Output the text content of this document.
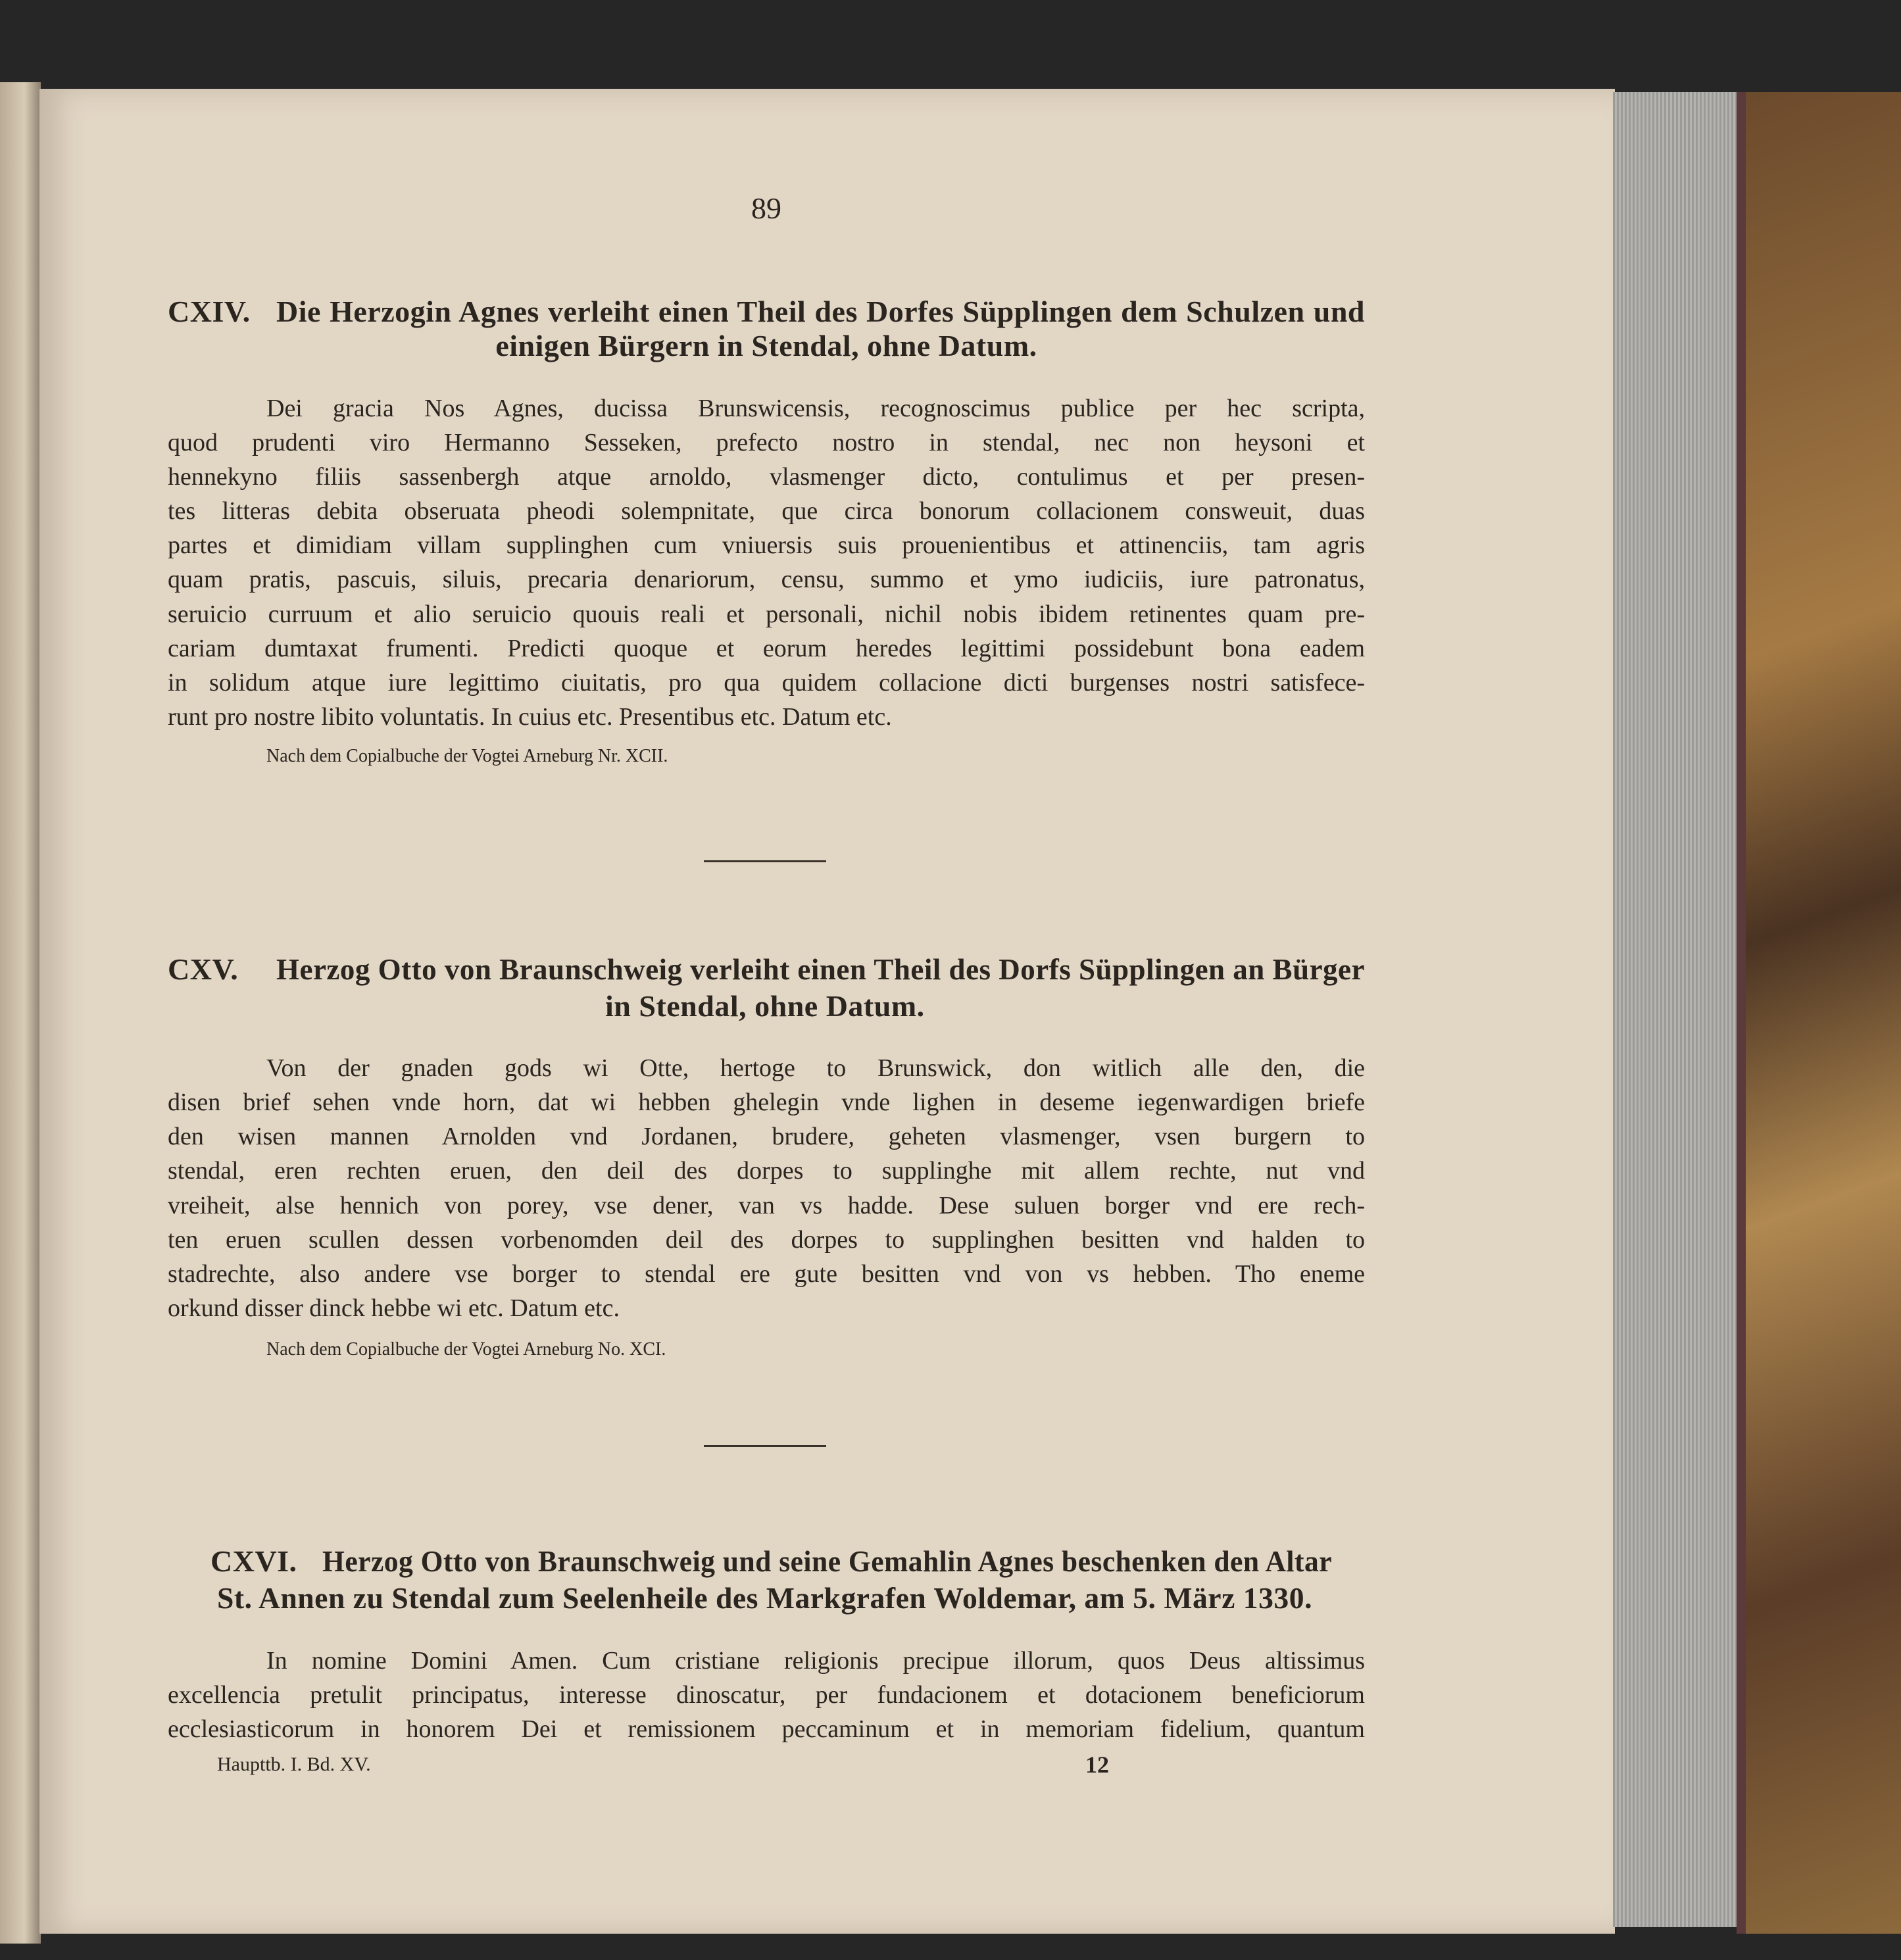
89
CXIV. Die Herzogin Agnes verleiht einen Theil des Dorfes Süpplingen dem Schulzen und
einigen Bürgern in Stendal, ohne Datum.
Dei gracia Nos Agnes, ducissa Brunswicensis, recognoscimus publice per hec scripta,
quod prudenti viro Hermanno Sesseken, prefecto nostro in stendal, nec non heysoni et
hennekyno filiis sassenbergh atque arnoldo, vlasmenger dicto, contulimus et per presen-
tes litteras debita obseruata pheodi solempnitate, que circa bonorum collacionem consweuit, duas
partes et dimidiam villam supplinghen cum vniuersis suis prouenientibus et attinenciis, tam agris
quam pratis, pascuis, siluis, precaria denariorum, censu, summo et ymo iudiciis, iure patronatus,
seruicio curruum et alio seruicio quouis reali et personali, nichil nobis ibidem retinentes quam pre-
cariam dumtaxat frumenti. Predicti quoque et eorum heredes legittimi possidebunt bona eadem
in solidum atque iure legittimo ciuitatis, pro qua quidem collacione dicti burgenses nostri satisfece-
runt pro nostre libito voluntatis. In cuius etc. Presentibus etc. Datum etc.
Nach dem Copialbuche der Vogtei Arneburg Nr. XCII.
CXV. Herzog Otto von Braunschweig verleiht einen Theil des Dorfs Süpplingen an Bürger
in Stendal, ohne Datum.
Von der gnaden gods wi Otte, hertoge to Brunswick, don witlich alle den, die
disen brief sehen vnde horn, dat wi hebben ghelegin vnde lighen in deseme iegenwardigen briefe
den wisen mannen Arnolden vnd Jordanen, brudere, geheten vlasmenger, vsen burgern to
stendal, eren rechten eruen, den deil des dorpes to supplinghe mit allem rechte, nut vnd
vreiheit, alse hennich von porey, vse dener, van vs hadde. Dese suluen borger vnd ere rech-
ten eruen scullen dessen vorbenomden deil des dorpes to supplinghen besitten vnd halden to
stadrechte, also andere vse borger to stendal ere gute besitten vnd von vs hebben. Tho eneme
orkund disser dinck hebbe wi etc. Datum etc.
Nach dem Copialbuche der Vogtei Arneburg No. XCI.
CXVI. Herzog Otto von Braunschweig und seine Gemahlin Agnes beschenken den Altar
St. Annen zu Stendal zum Seelenheile des Markgrafen Woldemar, am 5. März 1330.
In nomine Domini Amen. Cum cristiane religionis precipue illorum, quos Deus altissimus
excellencia pretulit principatus, interesse dinoscatur, per fundacionem et dotacionem beneficiorum
ecclesiasticorum in honorem Dei et remissionem peccaminum et in memoriam fidelium, quantum
Haupttb. I. Bd. XV.	12
